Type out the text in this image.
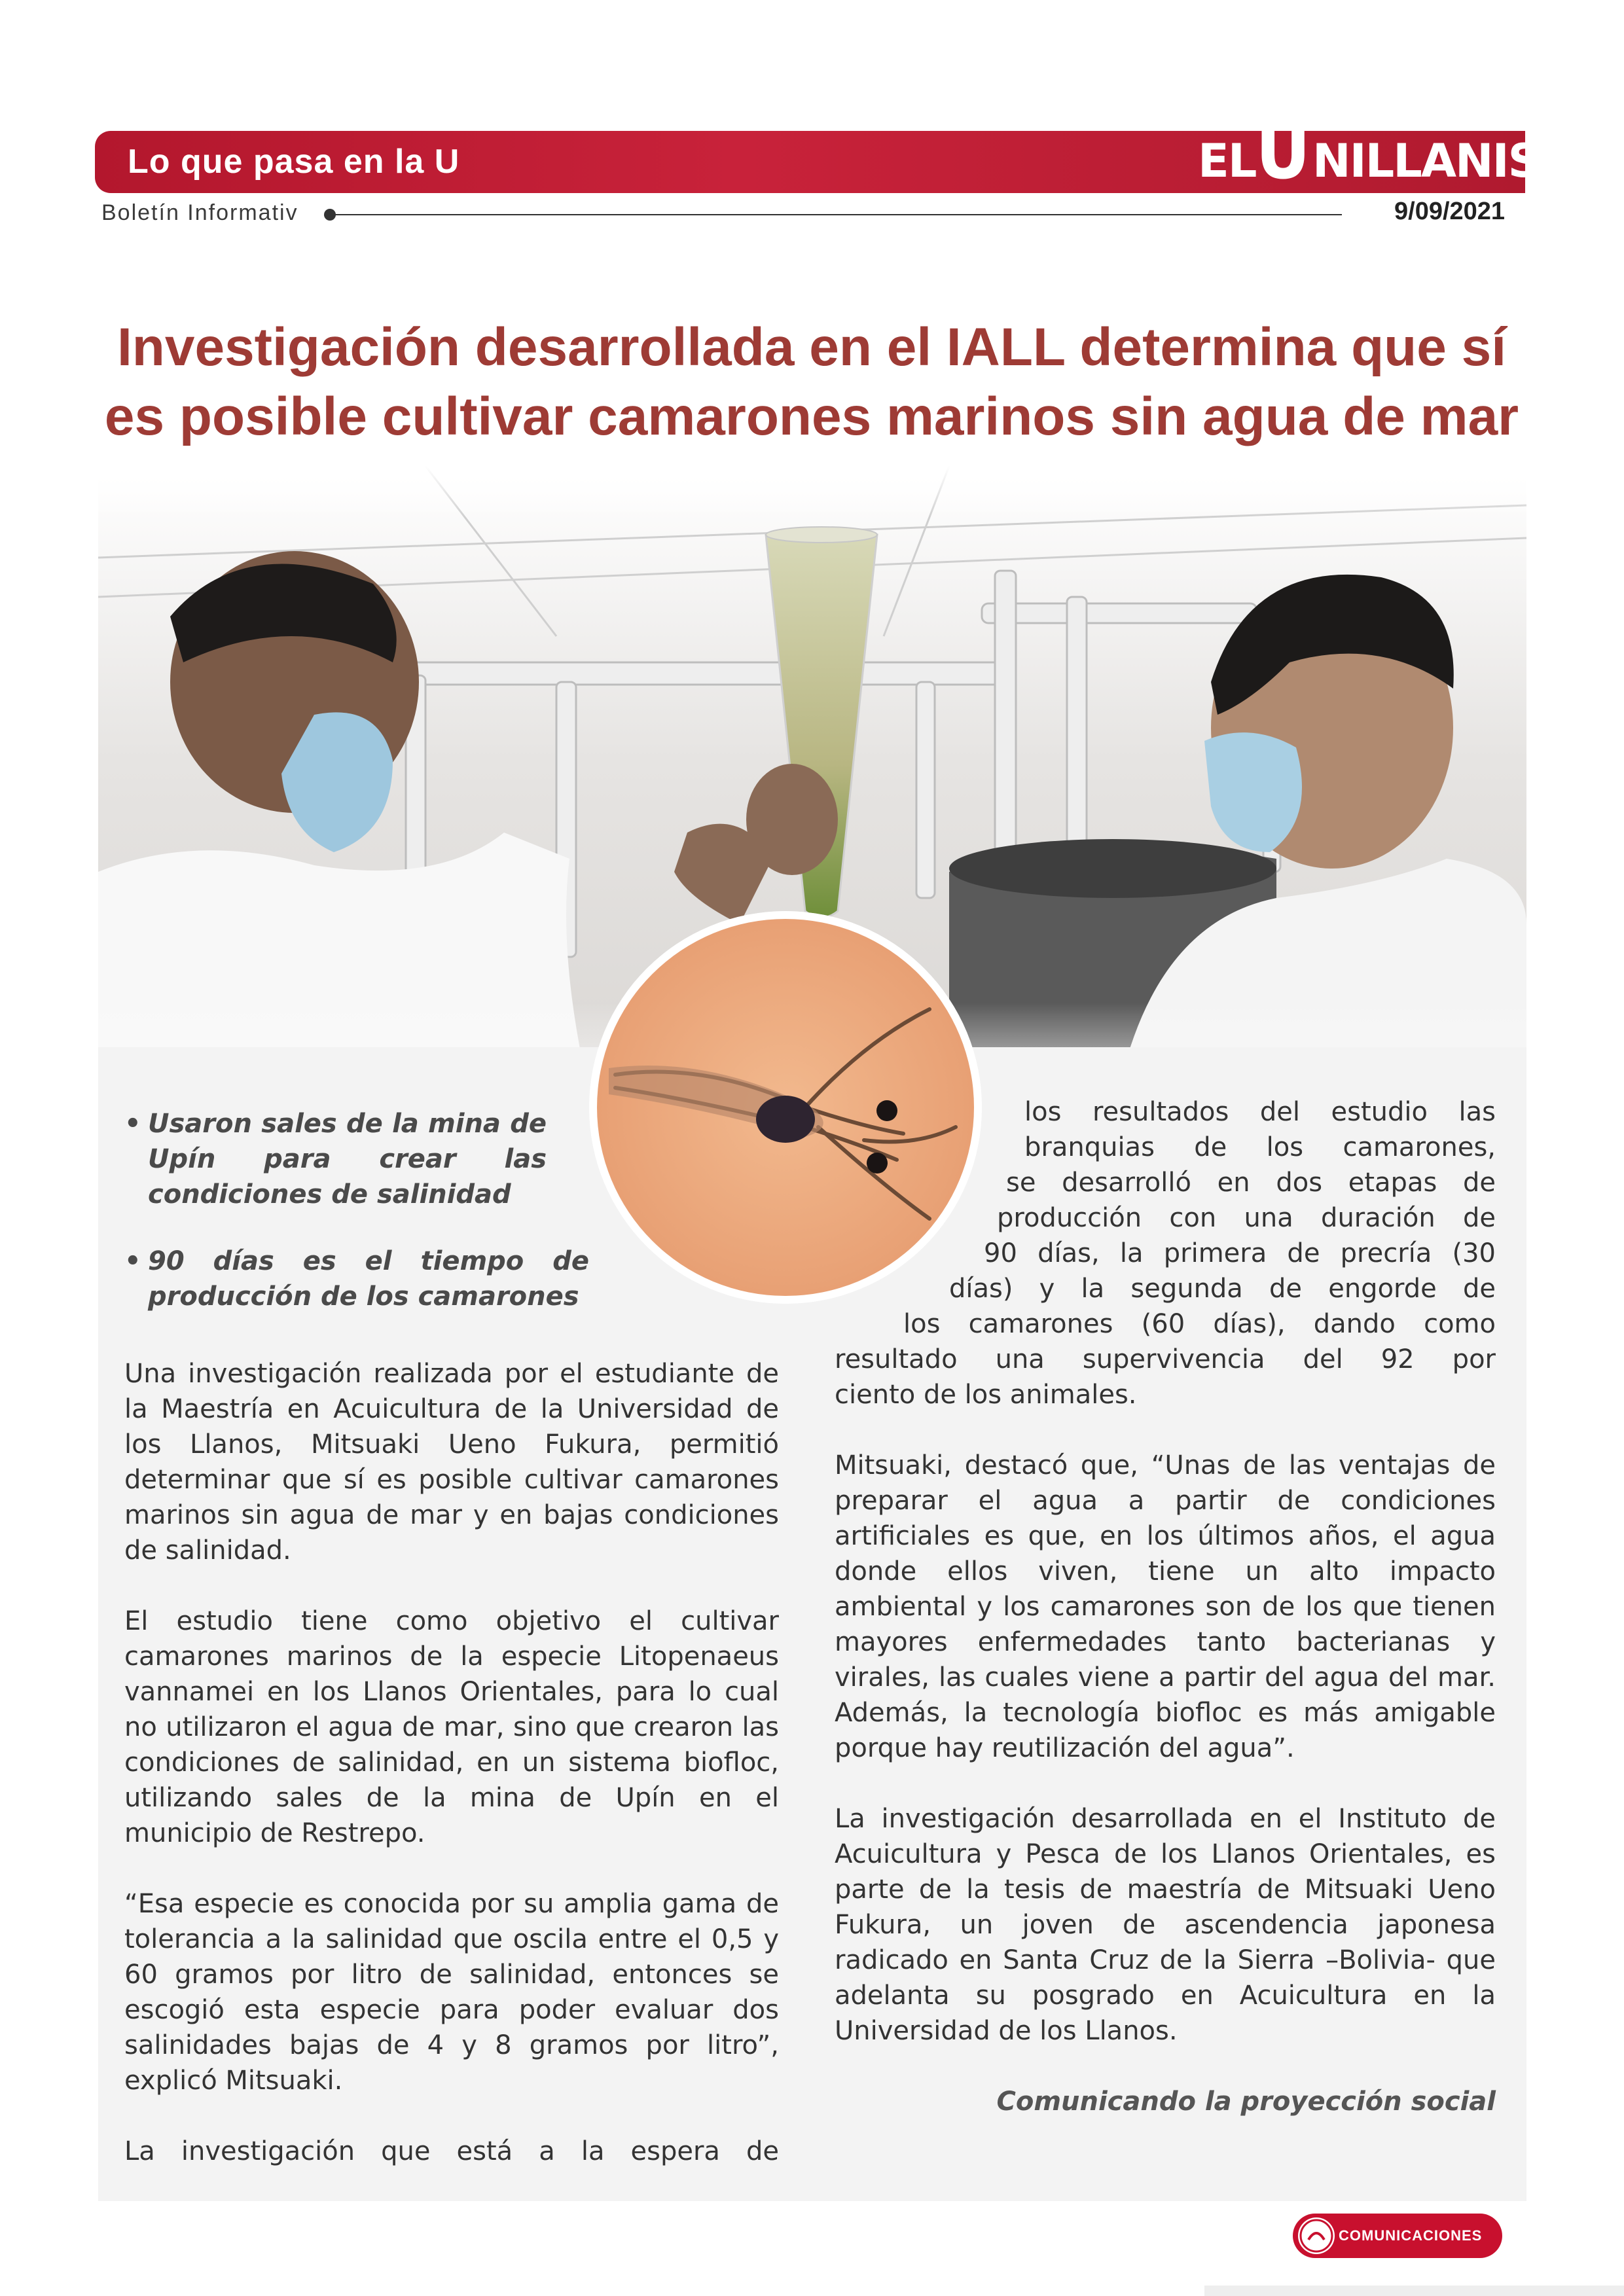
Lo que pasa en la U	EL U NILLANISTA
Boletín Informativ	9/09/2021
Investigación desarrollada en el IALL determina que sí
es posible cultivar camarones marinos sin agua de mar
• Usaron sales de la mina de Upín para crear las condiciones de salinidad
• 90 días es el tiempo de producción de los camarones

Una investigación realizada por el estudiante de la Maestría en Acuicultura de la Universidad de los Llanos, Mitsuaki Ueno Fukura, permitió determinar que sí es posible cultivar camarones marinos sin agua de mar y en bajas condiciones de salinidad.

El estudio tiene como objetivo el cultivar camarones marinos de la especie Litopenaeus vannamei en los Llanos Orientales, para lo cual no utilizaron el agua de mar, sino que crearon las condiciones de salinidad, en un sistema biofloc, utilizando sales de la mina de Upín en el municipio de Restrepo.

“Esa especie es conocida por su amplia gama de tolerancia a la salinidad que oscila entre el 0,5 y 60 gramos por litro de salinidad, entonces se escogió esta especie para poder evaluar dos salinidades bajas de 4 y 8 gramos por litro”, explicó Mitsuaki.

La investigación que está a la espera de

los resultados del estudio las
branquias de los camarones,
se desarrolló en dos etapas de
producción con una duración de
90 días, la primera de precría (30
días) y la segunda de engorde de
los camarones (60 días), dando como
resultado una supervivencia del 92 por
ciento de los animales.

Mitsuaki, destacó que, “Unas de las ventajas de preparar el agua a partir de condiciones artificiales es que, en los últimos años, el agua donde ellos viven, tiene un alto impacto ambiental y los camarones son de los que tienen mayores enfermedades tanto bacterianas y virales, las cuales viene a partir del agua del mar. Además, la tecnología biofloc es más amigable porque hay reutilización del agua”.

La investigación desarrollada en el Instituto de Acuicultura y Pesca de los Llanos Orientales, es parte de la tesis de maestría de Mitsuaki Ueno Fukura, un joven de ascendencia japonesa radicado en Santa Cruz de la Sierra –Bolivia- que adelanta su posgrado en Acuicultura en la Universidad de los Llanos.

Comunicando la proyección social
COMUNICACIONES
